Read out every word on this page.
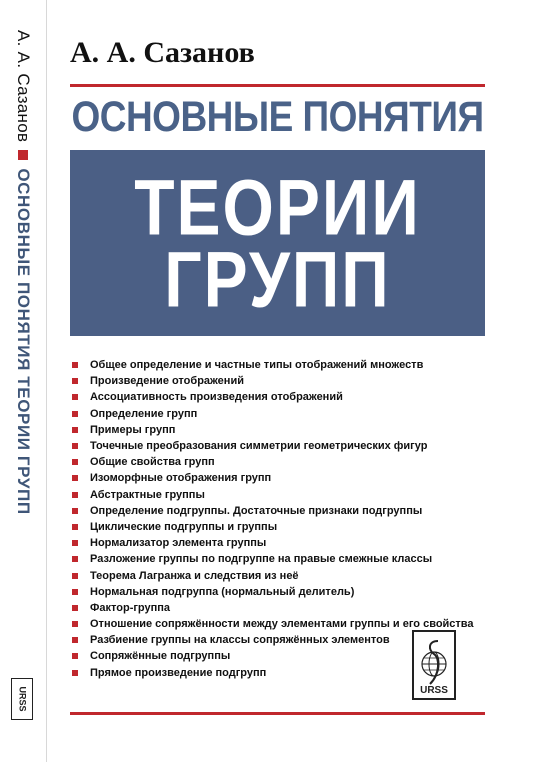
А. А. Сазанов
ОСНОВНЫЕ ПОНЯТИЯ ТЕОРИИ ГРУПП
URSS
А. А. Сазанов
ОСНОВНЫЕ ПОНЯТИЯ
ТЕОРИИ
ГРУПП
Общее определение и частные типы отображений множеств
Произведение отображений
Ассоциативность произведения отображений
Определение групп
Примеры групп
Точечные преобразования симметрии геометрических фигур
Общие свойства групп
Изоморфные отображения групп
Абстрактные группы
Определение подгруппы. Достаточные признаки подгруппы
Циклические подгруппы и группы
Нормализатор элемента группы
Разложение группы по подгруппе на правые смежные классы
Теорема Лагранжа и следствия из неё
Нормальная подгруппа (нормальный делитель)
Фактор-группа
Отношение сопряжённости между элементами группы и его свойства
Разбиение группы на классы сопряжённых элементов
Сопряжённые подгруппы
Прямое произведение подгрупп
URSS
